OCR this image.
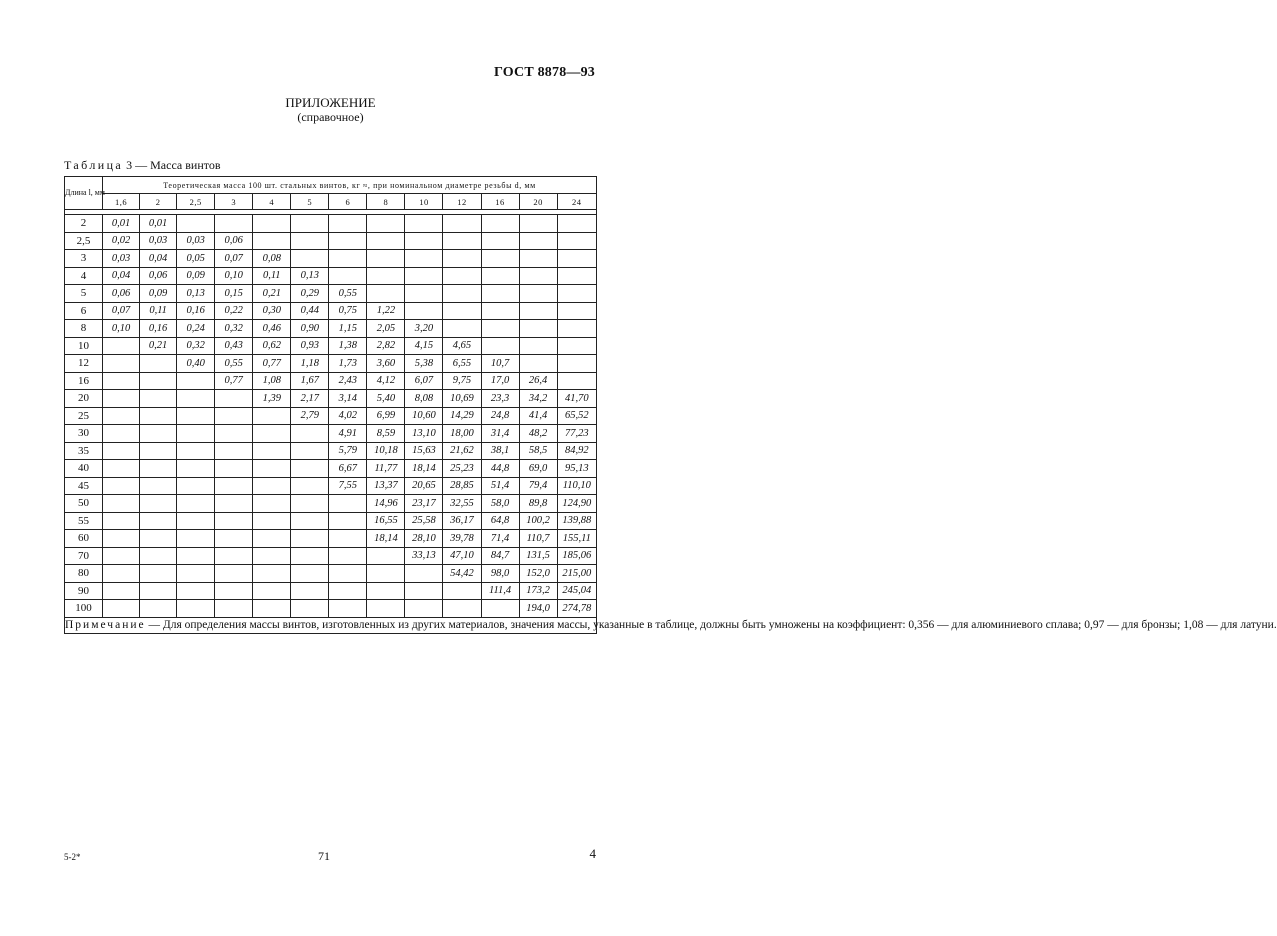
ГОСТ 8878—93
ПРИЛОЖЕНИЕ
(справочное)
Таблица 3 — Масса винтов
Длина l, мм	Теоретическая масса 100 шт. стальных винтов, кг ≈, при номинальном диаметре резьбы d, мм												
	1,6	2	2,5	3	4	5	6	8	10	12	16	20	24

2	0,01	0,01											
2,5	0,02	0,03	0,03	0,06									
3	0,03	0,04	0,05	0,07	0,08								
4	0,04	0,06	0,09	0,10	0,11	0,13							
5	0,06	0,09	0,13	0,15	0,21	0,29	0,55						
6	0,07	0,11	0,16	0,22	0,30	0,44	0,75	1,22					
8	0,10	0,16	0,24	0,32	0,46	0,90	1,15	2,05	3,20				
10		0,21	0,32	0,43	0,62	0,93	1,38	2,82	4,15	4,65			
12			0,40	0,55	0,77	1,18	1,73	3,60	5,38	6,55	10,7		
16				0,77	1,08	1,67	2,43	4,12	6,07	9,75	17,0	26,4	
20					1,39	2,17	3,14	5,40	8,08	10,69	23,3	34,2	41,70
25						2,79	4,02	6,99	10,60	14,29	24,8	41,4	65,52
30							4,91	8,59	13,10	18,00	31,4	48,2	77,23
35							5,79	10,18	15,63	21,62	38,1	58,5	84,92
40							6,67	11,77	18,14	25,23	44,8	69,0	95,13
45							7,55	13,37	20,65	28,85	51,4	79,4	110,10
50								14,96	23,17	32,55	58,0	89,8	124,90
55								16,55	25,58	36,17	64,8	100,2	139,88
60								18,14	28,10	39,78	71,4	110,7	155,11
70									33,13	47,10	84,7	131,5	185,06
80										54,42	98,0	152,0	215,00
90											111,4	173,2	245,04
100												194,0	274,78
Примечание — Для определения массы винтов, изготовленных из других материалов, значения массы, указанные в таблице, должны быть умножены на коэффициент: 0,356 — для алюминиевого сплава; 0,97 — для бронзы; 1,08 — для латуни.													
5-2*	71	4
